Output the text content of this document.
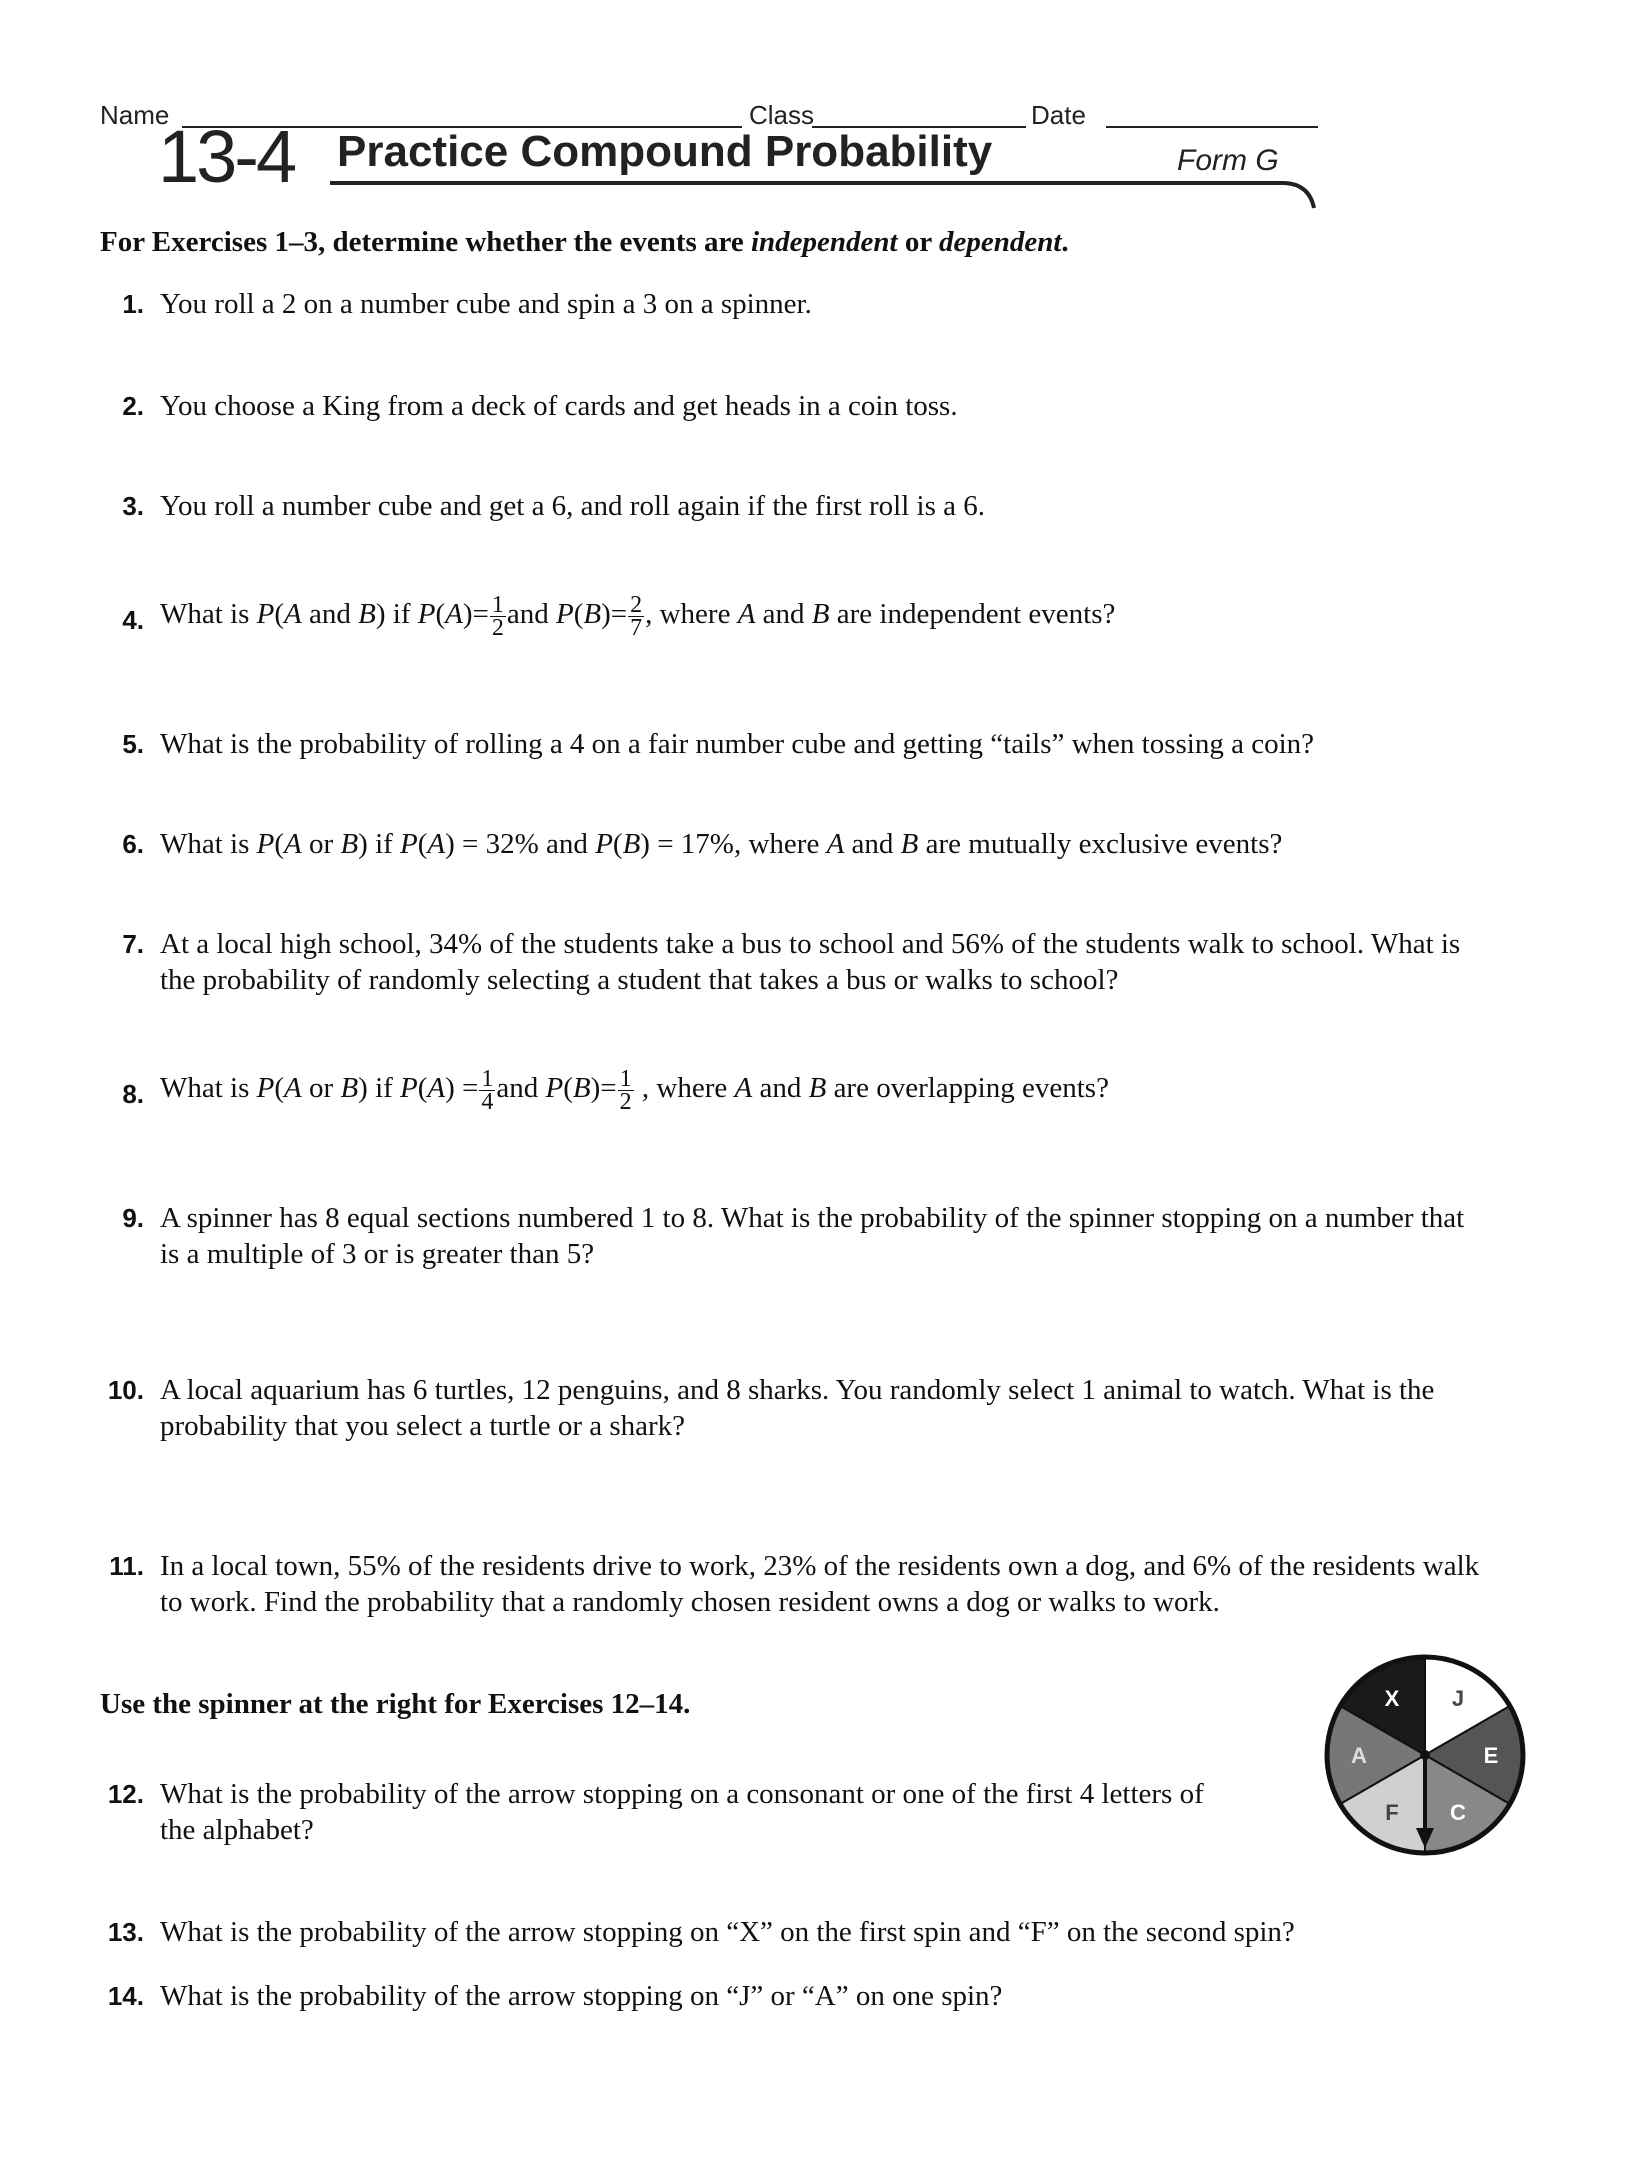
Name	Class	Date
13-4 Practice Compound Probability	Form G
For Exercises 1–3, determine whether the events are independent or dependent.
1. You roll a 2 on a number cube and spin a 3 on a spinner.
2. You choose a King from a deck of cards and get heads in a coin toss.
3. You roll a number cube and get a 6, and roll again if the first roll is a 6.
4. What is P(A and B) if $P(A)= \frac{1}{2}$ and $P(B)= \frac{2}{7}$ , where A and B are independent events?
5. What is the probability of rolling a 4 on a fair number cube and getting “tails” when tossing a coin?
6. What is P(A or B) if P(A) = 32% and P(B) = 17%, where A and B are mutually exclusive events?
7. At a local high school, 34% of the students take a bus to school and 56% of the students walk to school. What is
the probability of randomly selecting a student that takes a bus or walks to school?
8. What is P(A or B) if $P(A) = \frac{1}{4}$ and $P(B)= \frac{1}{2}$ , where A and B are overlapping events?
9. A spinner has 8 equal sections numbered 1 to 8. What is the probability of the spinner stopping on a number that
is a multiple of 3 or is greater than 5?
10. A local aquarium has 6 turtles, 12 penguins, and 8 sharks. You randomly select 1 animal to watch. What is the
probability that you select a turtle or a shark?
11. In a local town, 55% of the residents drive to work, 23% of the residents own a dog, and 6% of the residents walk
to work. Find the probability that a randomly chosen resident owns a dog or walks to work.
Use the spinner at the right for Exercises 12–14.
12. What is the probability of the arrow stopping on a consonant or one of the first 4 letters of
the alphabet?
13. What is the probability of the arrow stopping on “X” on the first spin and “F” on the second spin?
14. What is the probability of the arrow stopping on “J” or “A” on one spin?
X J
E
C
F
A
